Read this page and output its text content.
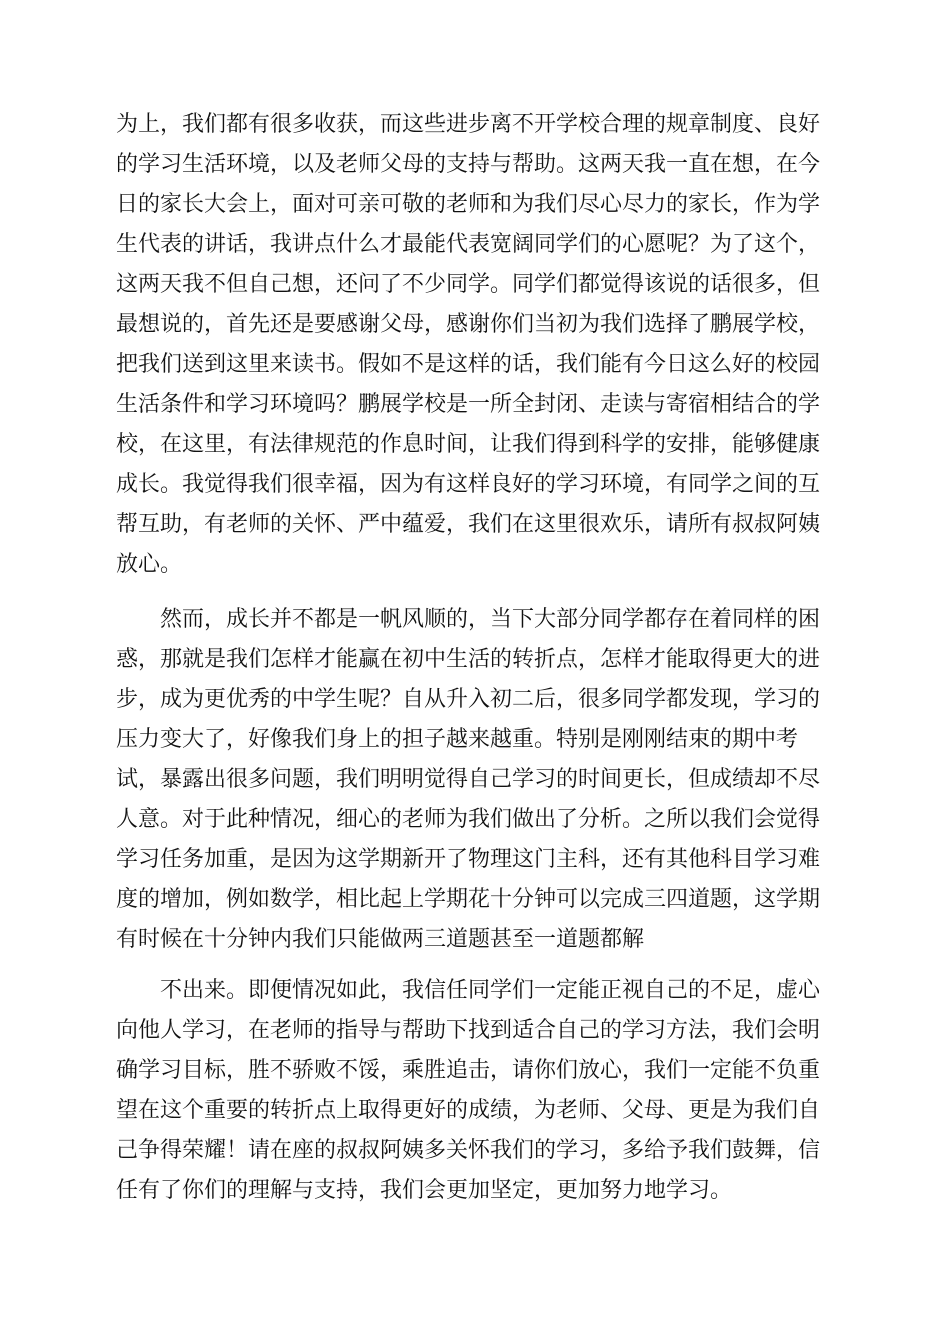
为上，我们都有很多收获，而这些进步离不开学校合理的规章制度、良好
的学习生活环境，以及老师父母的支持与帮助。这两天我一直在想，在今
日的家长大会上，面对可亲可敬的老师和为我们尽心尽力的家长，作为学
生代表的讲话，我讲点什么才最能代表宽阔同学们的心愿呢？为了这个，
这两天我不但自己想，还问了不少同学。同学们都觉得该说的话很多，但
最想说的，首先还是要感谢父母，感谢你们当初为我们选择了鹏展学校，
把我们送到这里来读书。假如不是这样的话，我们能有今日这么好的校园
生活条件和学习环境吗？鹏展学校是一所全封闭、走读与寄宿相结合的学
校，在这里，有法律规范的作息时间，让我们得到科学的安排，能够健康
成长。我觉得我们很幸福，因为有这样良好的学习环境，有同学之间的互
帮互助，有老师的关怀、严中蕴爱，我们在这里很欢乐，请所有叔叔阿姨
放心。
然而，成长并不都是一帆风顺的，当下大部分同学都存在着同样的困
惑，那就是我们怎样才能赢在初中生活的转折点，怎样才能取得更大的进
步，成为更优秀的中学生呢？自从升入初二后，很多同学都发现，学习的
压力变大了，好像我们身上的担子越来越重。特别是刚刚结束的期中考
试，暴露出很多问题，我们明明觉得自己学习的时间更长，但成绩却不尽
人意。对于此种情况，细心的老师为我们做出了分析。之所以我们会觉得
学习任务加重，是因为这学期新开了物理这门主科，还有其他科目学习难
度的增加，例如数学，相比起上学期花十分钟可以完成三四道题，这学期
有时候在十分钟内我们只能做两三道题甚至一道题都解
不出来。即便情况如此，我信任同学们一定能正视自己的不足，虚心
向他人学习，在老师的指导与帮助下找到适合自己的学习方法，我们会明
确学习目标，胜不骄败不馁，乘胜追击，请你们放心，我们一定能不负重
望在这个重要的转折点上取得更好的成绩，为老师、父母、更是为我们自
己争得荣耀！请在座的叔叔阿姨多关怀我们的学习，多给予我们鼓舞，信
任有了你们的理解与支持，我们会更加坚定，更加努力地学习。
